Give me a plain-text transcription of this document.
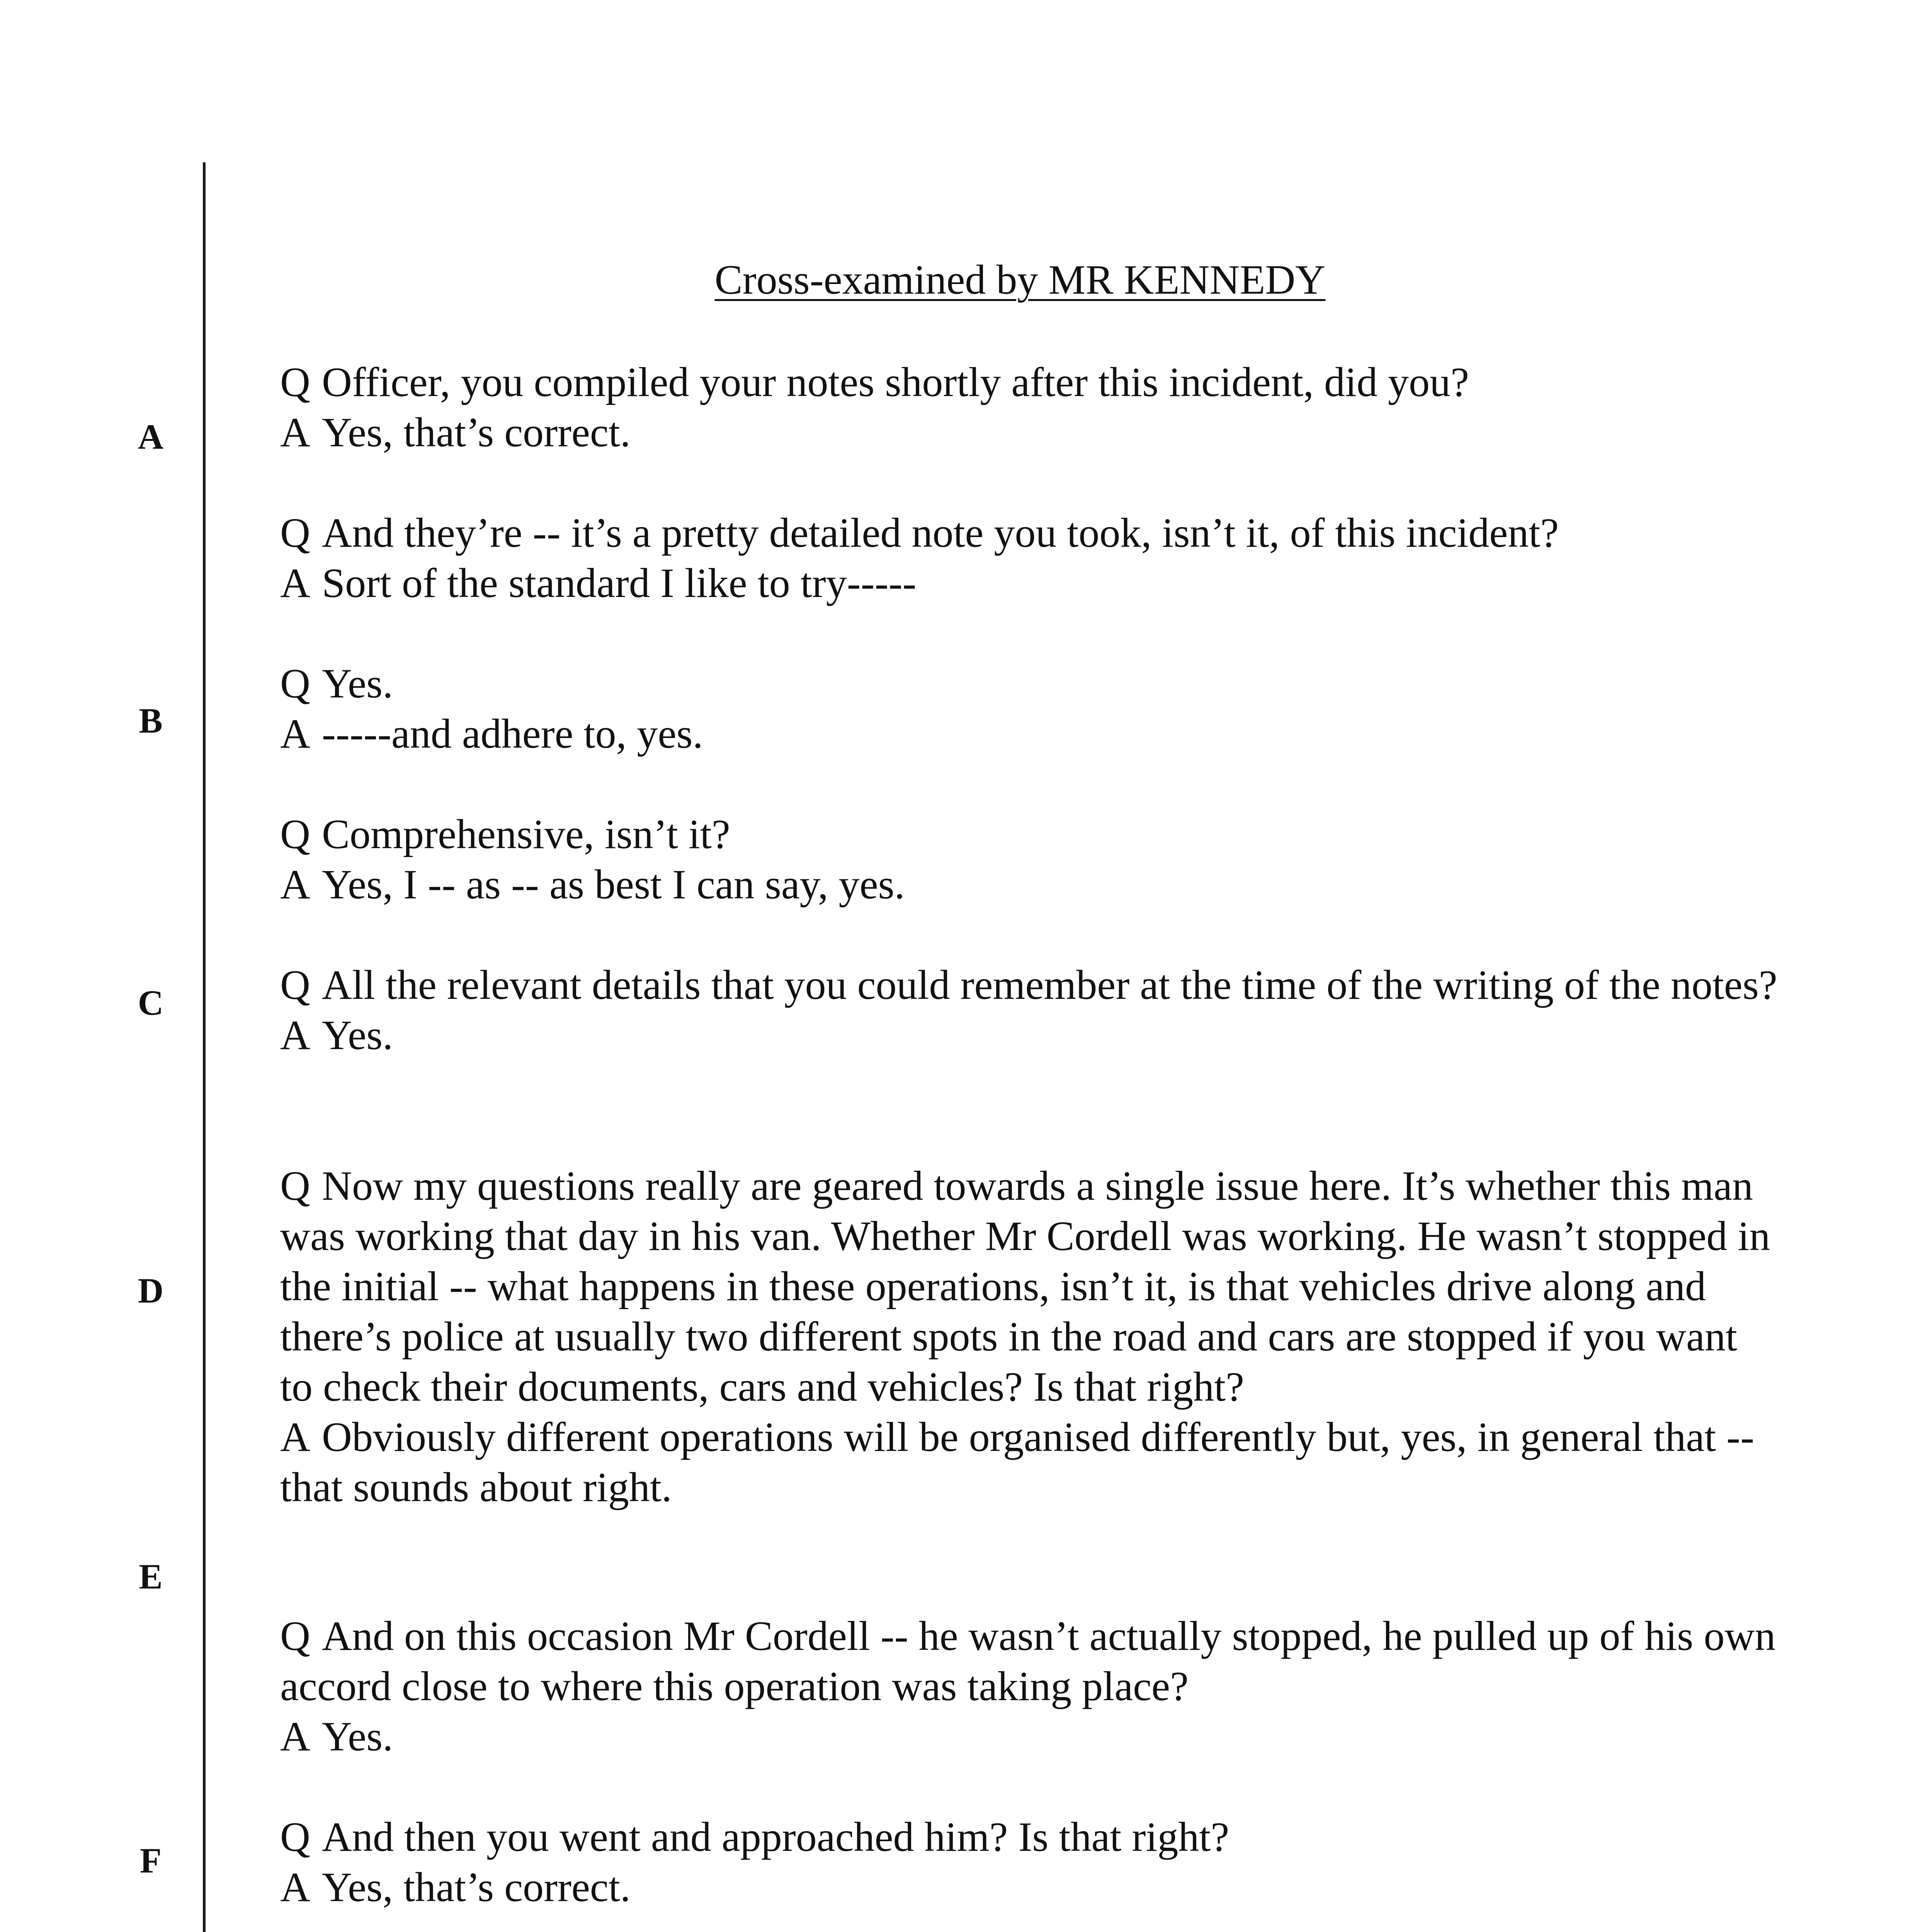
A
B
C
D
E
F
Cross-examined by MR KENNEDY
Q Officer, you compiled your notes shortly after this incident, did you?
A Yes, that’s correct.
Q And they’re -- it’s a pretty detailed note you took, isn’t it, of this incident?
A Sort of the standard I like to try-----
Q Yes.
A -----and adhere to, yes.
Q Comprehensive, isn’t it?
A Yes, I -- as -- as best I can say, yes.
Q All the relevant details that you could remember at the time of the writing of the notes?
A Yes.
Q Now my questions really are geared towards a single issue here. It’s whether this man was working that day in his van. Whether Mr Cordell was working. He wasn’t stopped in the initial -- what happens in these operations, isn’t it, is that vehicles drive along and there’s police at usually two different spots in the road and cars are stopped if you want to check their documents, cars and vehicles? Is that right?
A Obviously different operations will be organised differently but, yes, in general that -- that sounds about right.
Q And on this occasion Mr Cordell -- he wasn’t actually stopped, he pulled up of his own accord close to where this operation was taking place?
A Yes.
Q And then you went and approached him? Is that right?
A Yes, that’s correct.
